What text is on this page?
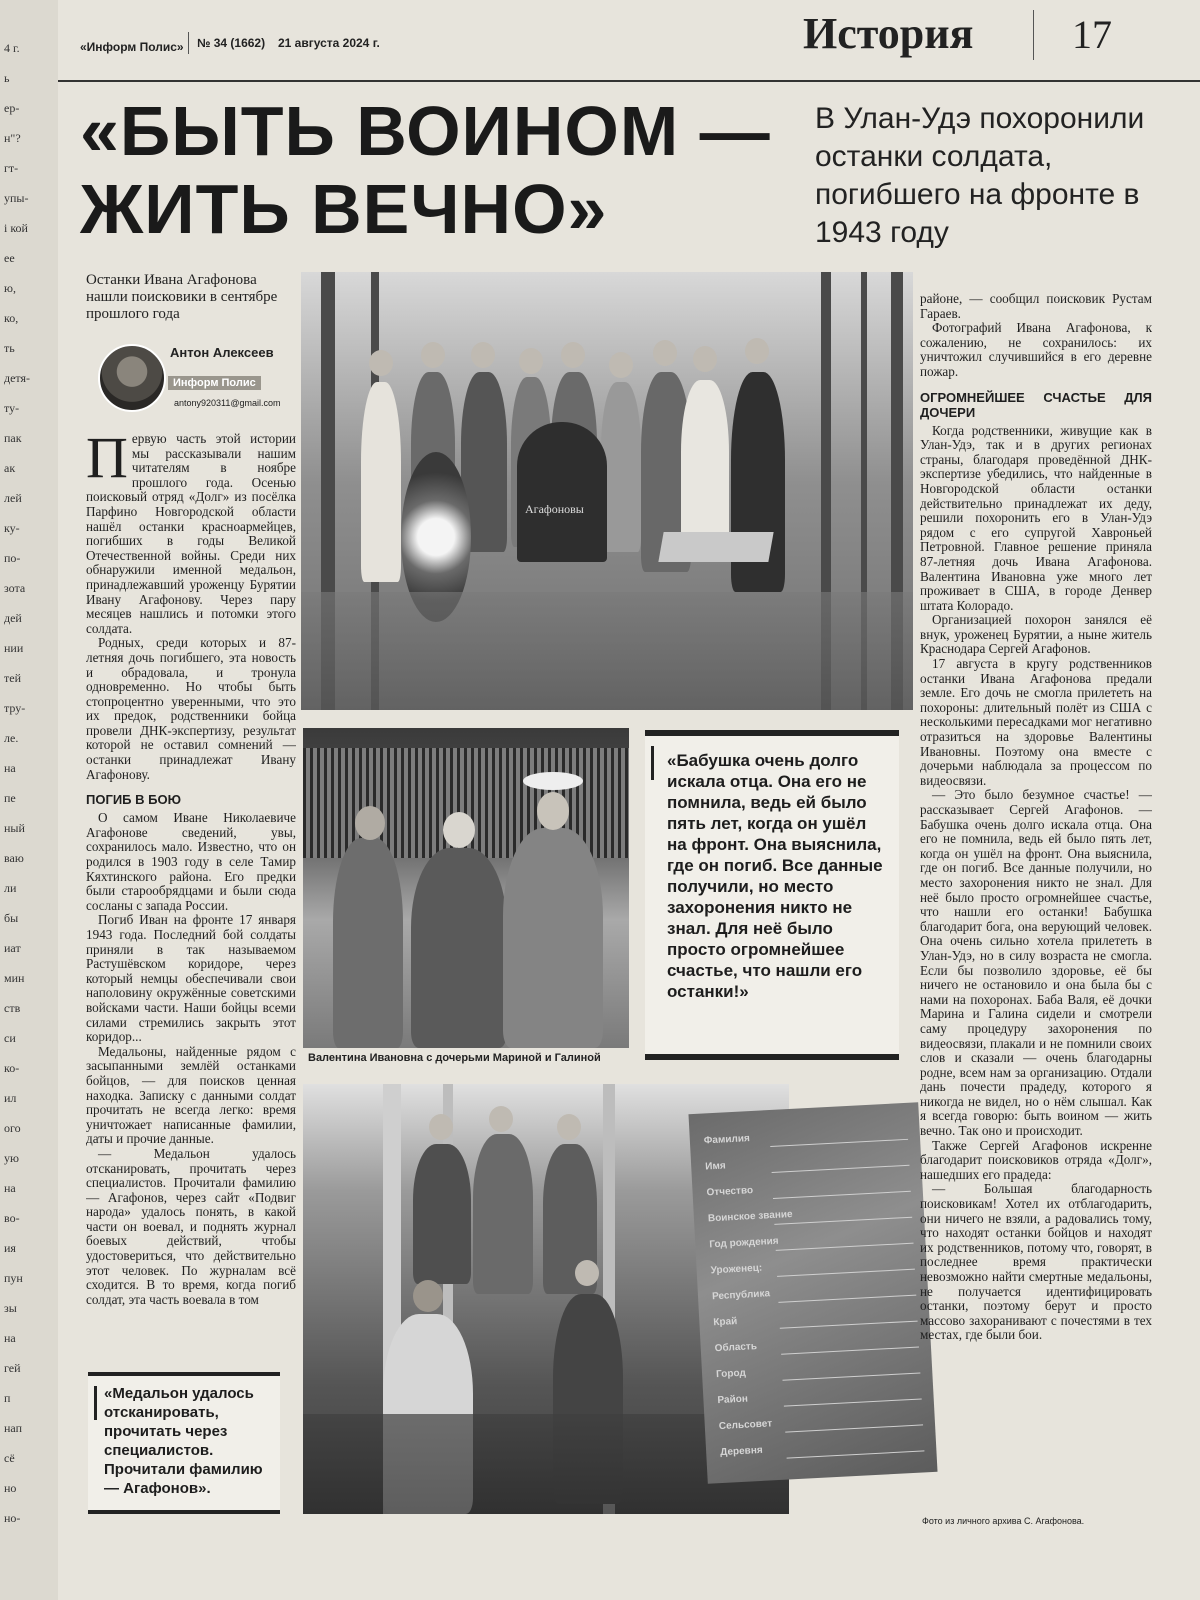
4 г.
ь
ер-
н"?
гт-
упы-
і кой
ее
ю,
ко,
ть
детя-
ту-
пак
ак
лей
ку-
по-
зота
дей
нии
тей
тру-
ле.
на
пе
ный
ваю
ли
бы
иат
мин
ств
си
ко-
ил
ого
ую
на
во-
ия
пун
зы
на
гей
п
нап
сё
но
но-
«Информ Полис»	№ 34 (1662) 21 августа 2024 г.	История	17
«БЫТЬ ВОИНОМ — ЖИТЬ ВЕЧНО»
В Улан-Удэ похоронили останки солдата, погибшего на фронте в 1943 году
Останки Ивана Агафонова нашли поисковики в сентябре прошлого года
Антон Алексеев
Информ Полис
antony920311@gmail.com

Первую часть этой истории мы рассказывали нашим читателям в ноябре прошлого года. Осенью поисковый отряд «Долг» из посёлка Парфино Новгородской области нашёл останки красноармейцев, погибших в годы Великой Отечественной войны. Среди них обнаружили именной медальон, принадлежавший уроженцу Бурятии Ивану Агафонову. Через пару месяцев нашлись и потомки этого солдата.

Родных, среди которых и 87-летняя дочь погибшего, эта новость и обрадовала, и тронула одновременно. Но чтобы быть стопроцентно уверенными, что это их предок, родственники бойца провели ДНК-экспертизу, результат которой не оставил сомнений — останки принадлежат Ивану Агафонову.

ПОГИБ В БОЮ

О самом Иване Николаевиче Агафонове сведений, увы, сохранилось мало. Известно, что он родился в 1903 году в селе Тамир Кяхтинского района. Его предки были старообрядцами и были сюда сосланы с запада России.

Погиб Иван на фронте 17 января 1943 года. Последний бой солдаты приняли в так называемом Растушёвском коридоре, через который немцы обеспечивали свои наполовину окружённые советскими войсками части. Наши бойцы всеми силами стремились закрыть этот коридор...

Медальоны, найденные рядом с засыпанными землёй останками бойцов, — для поисков ценная находка. Записку с данными солдат прочитать не всегда легко: время уничтожает написанные фамилии, даты и прочие данные.

— Медальон удалось отсканировать, прочитать через специалистов. Прочитали фамилию — Агафонов, через сайт «Подвиг народа» удалось понять, в какой части он воевал, и поднять журнал боевых действий, чтобы удостовериться, что действительно этот человек. По журналам всё сходится. В то время, когда погиб солдат, эта часть воевала в том

«Медальон удалось отсканировать, прочитать через специалистов. Прочитали фамилию — Агафонов».
Агафоновы
Валентина Ивановна с дочерьми Мариной и Галиной
«Бабушка очень долго искала отца. Она его не помнила, ведь ей было пять лет, когда он ушёл на фронт. Она выяснила, где он погиб. Все данные получили, но место захоронения никто не знал. Для неё было просто огромнейшее счастье, что нашли его останки!»
Фамилия
Имя
Отчество
Воинское звание
Год рождения
Уроженец:
Республика
Край
Область
Город
Район
Сельсовет
Деревня

районе, — сообщил поисковик Рустам Гараев.

Фотографий Ивана Агафонова, к сожалению, не сохранилось: их уничтожил случившийся в его деревне пожар.

ОГРОМНЕЙШЕЕ СЧАСТЬЕ ДЛЯ ДОЧЕРИ

Когда родственники, живущие как в Улан-Удэ, так и в других регионах страны, благодаря проведённой ДНК-экспертизе убедились, что найденные в Новгородской области останки действительно принадлежат их деду, решили похоронить его в Улан-Удэ рядом с его супругой Хавроньей Петровной. Главное решение приняла 87-летняя дочь Ивана Агафонова. Валентина Ивановна уже много лет проживает в США, в городе Денвер штата Колорадо.

Организацией похорон занялся её внук, уроженец Бурятии, а ныне житель Краснодара Сергей Агафонов.

17 августа в кругу родственников останки Ивана Агафонова предали земле. Его дочь не смогла прилететь на похороны: длительный полёт из США с несколькими пересадками мог негативно отразиться на здоровье Валентины Ивановны. Поэтому она вместе с дочерьми наблюдала за процессом по видеосвязи.

— Это было безумное счастье! — рассказывает Сергей Агафонов. — Бабушка очень долго искала отца. Она его не помнила, ведь ей было пять лет, когда он ушёл на фронт. Она выяснила, где он погиб. Все данные получили, но место захоронения никто не знал. Для неё было просто огромнейшее счастье, что нашли его останки! Бабушка благодарит бога, она верующий человек. Она очень сильно хотела прилететь в Улан-Удэ, но в силу возраста не смогла. Если бы позволило здоровье, её бы ничего не остановило и она была бы с нами на похоронах. Баба Валя, её дочки Марина и Галина сидели и смотрели саму процедуру захоронения по видеосвязи, плакали и не помнили своих слов и сказали — очень благодарны родне, всем нам за организацию. Отдали дань почести прадеду, которого я никогда не видел, но о нём слышал. Как я всегда говорю: быть воином — жить вечно. Так оно и происходит.

Также Сергей Агафонов искренне благодарит поисковиков отряда «Долг», нашедших его прадеда:

— Большая благодарность поисковикам! Хотел их отблагодарить, они ничего не взяли, а радовались тому, что находят останки бойцов и находят их родственников, потому что, говорят, в последнее время практически невозможно найти смертные медальоны, не получается идентифицировать останки, поэтому берут и просто массово захоранивают с почестями в тех местах, где были бои.

Фото из личного архива С. Агафонова.
